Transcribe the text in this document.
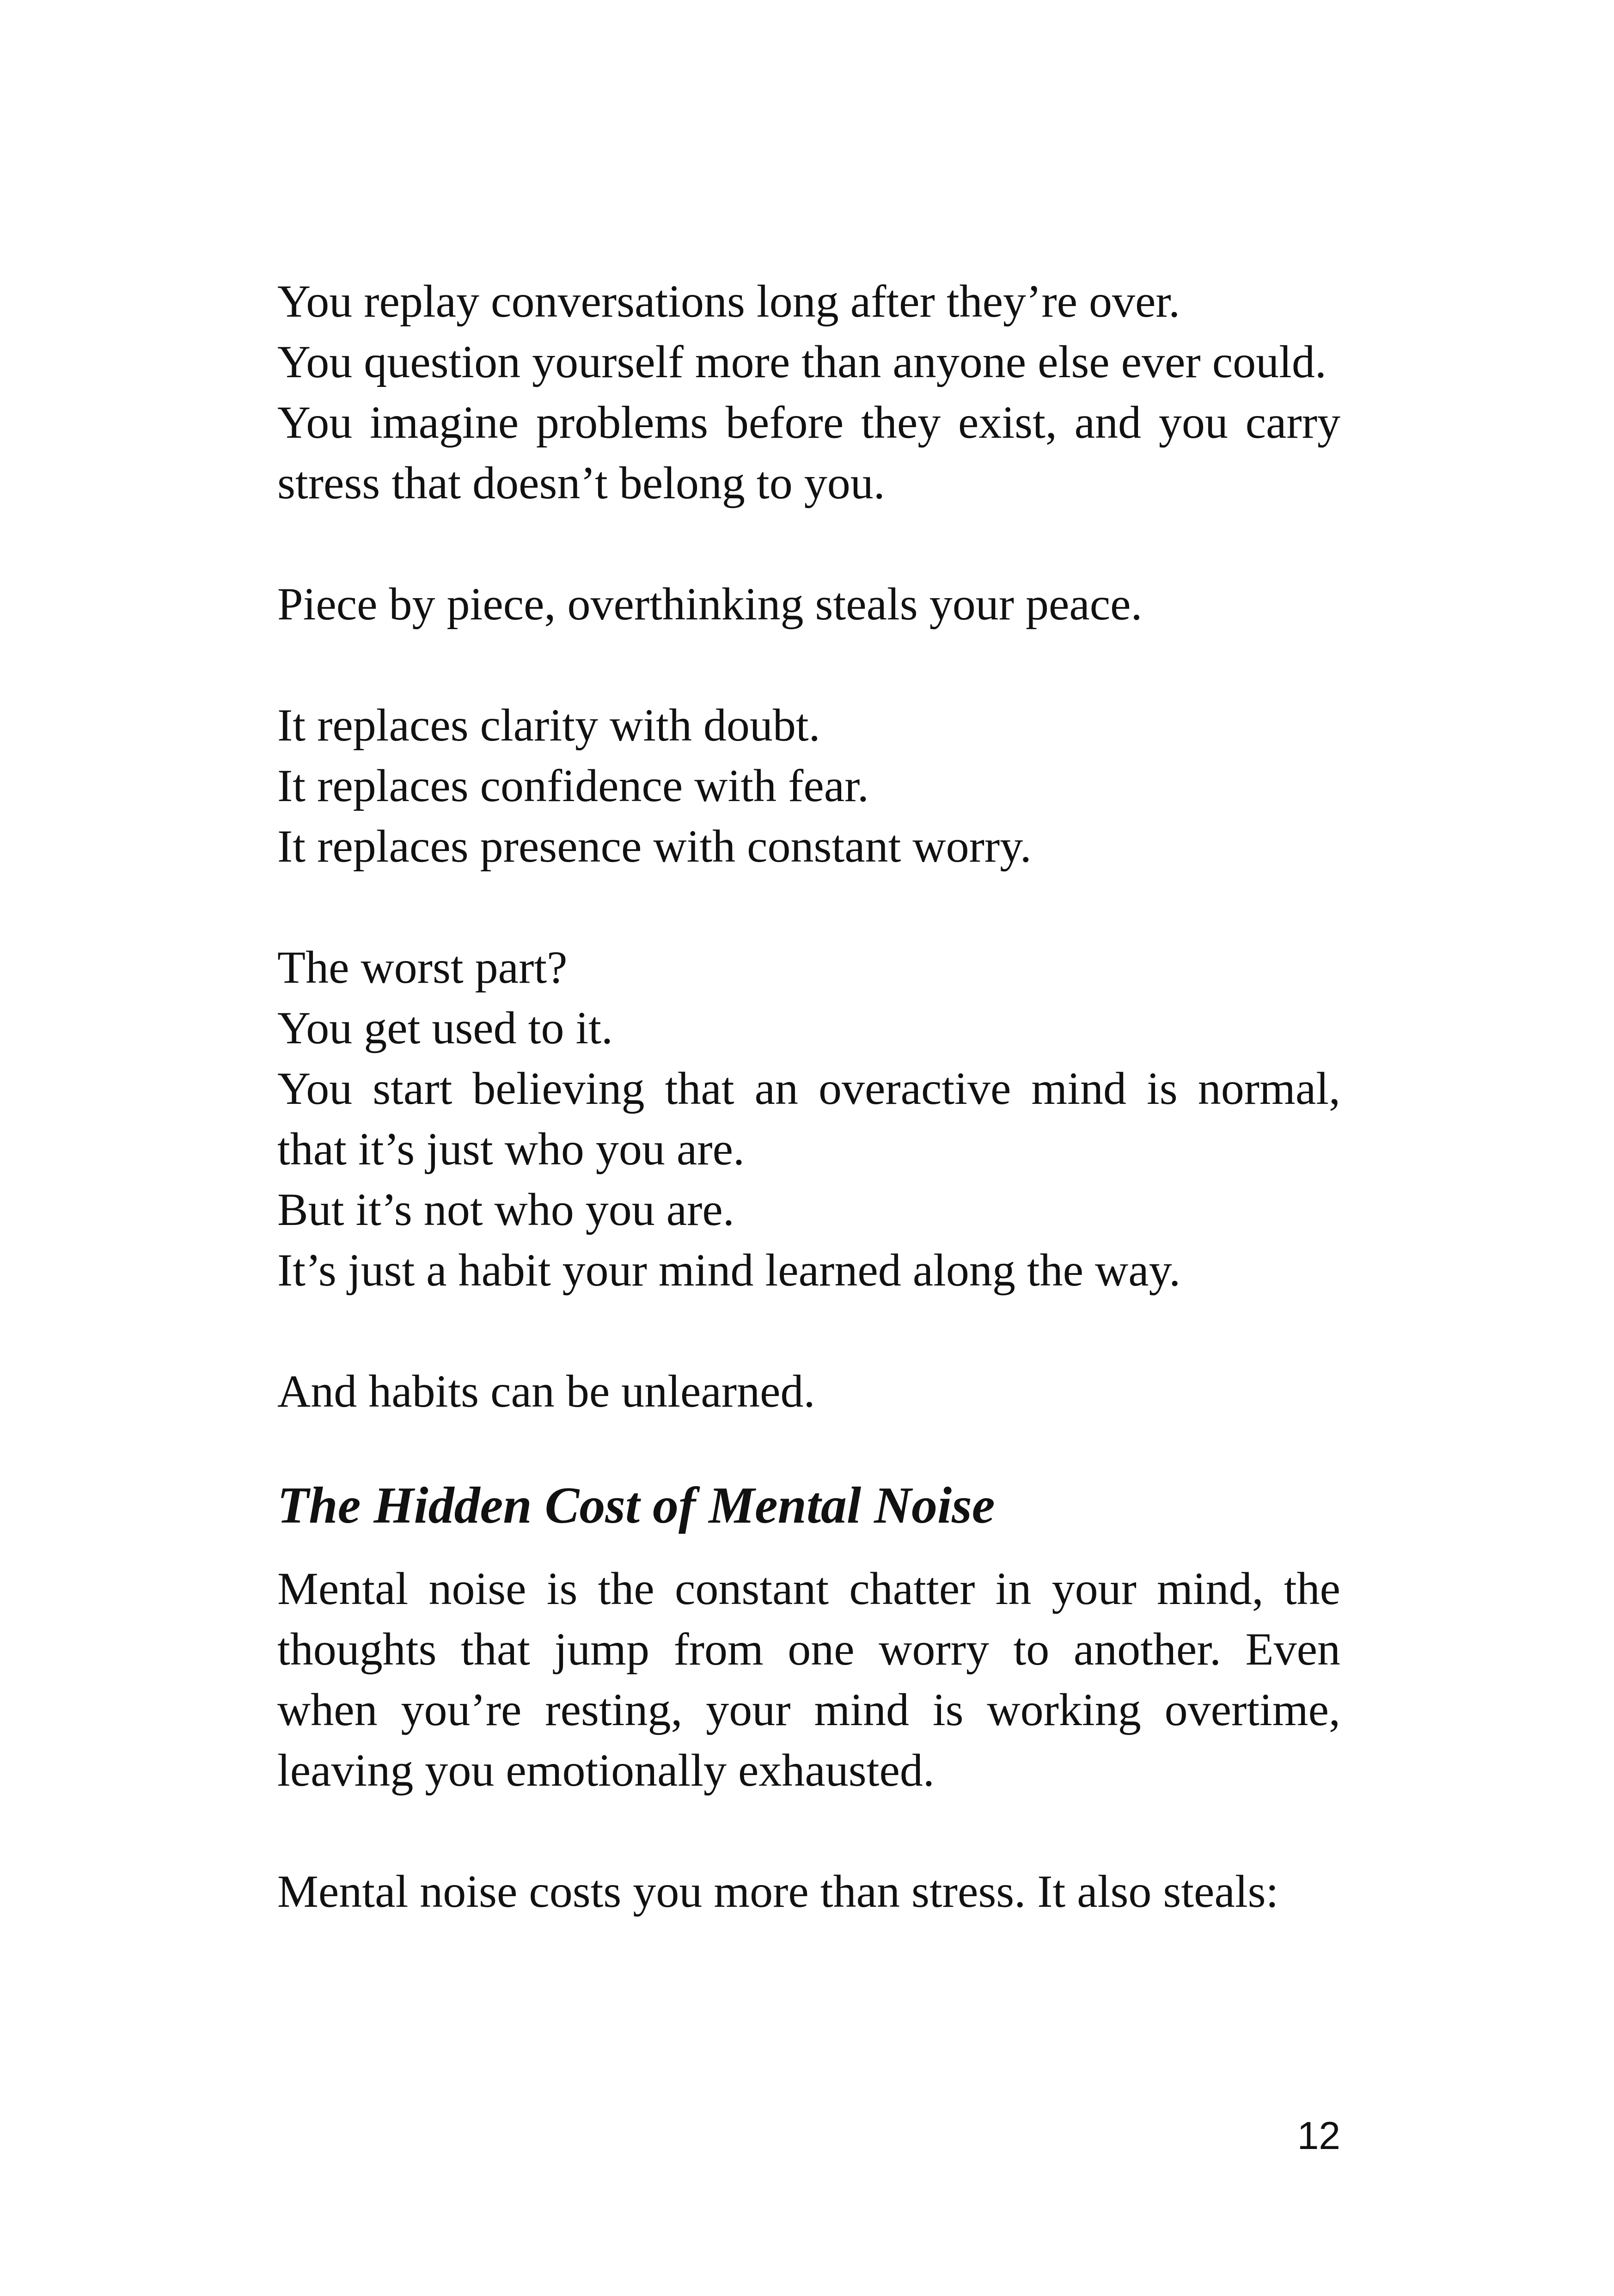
You replay conversations long after they’re over.
You question yourself more than anyone else ever could.
You imagine problems before they exist, and you carry
stress that doesn’t belong to you.
Piece by piece, overthinking steals your peace.
It replaces clarity with doubt.
It replaces confidence with fear.
It replaces presence with constant worry.
The worst part?
You get used to it.
You start believing that an overactive mind is normal,
that it’s just who you are.
But it’s not who you are.
It’s just a habit your mind learned along the way.
And habits can be unlearned.
The Hidden Cost of Mental Noise
Mental noise is the constant chatter in your mind, the
thoughts that jump from one worry to another. Even
when you’re resting, your mind is working overtime,
leaving you emotionally exhausted.
Mental noise costs you more than stress. It also steals:
12
